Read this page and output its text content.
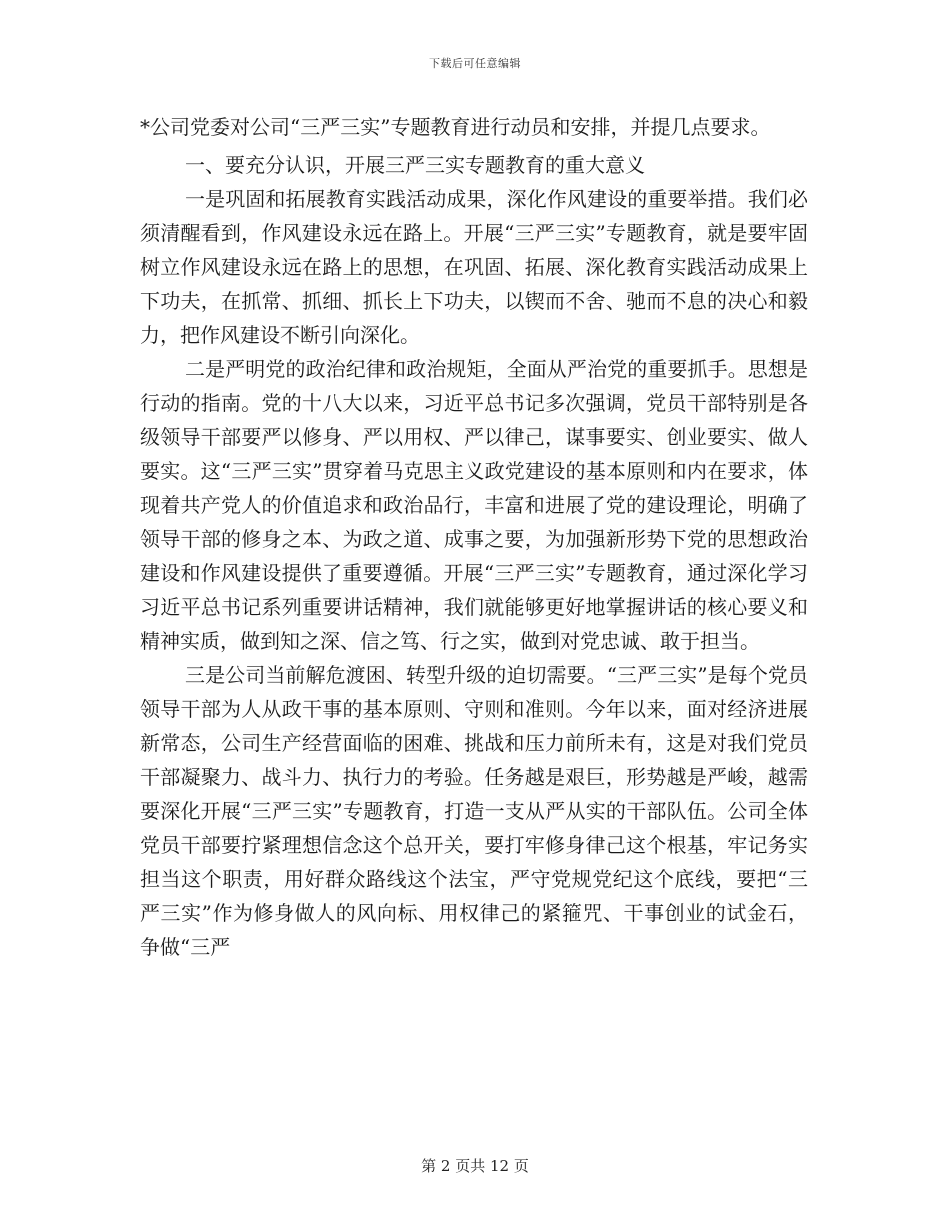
下载后可任意编辑

*公司党委对公司“三严三实”专题教育进行动员和安排，并提几点要求。

一、要充分认识，开展三严三实专题教育的重大意义

一是巩固和拓展教育实践活动成果，深化作风建设的重要举措。我们必须清醒看到，作风建设永远在路上。开展“三严三实”专题教育，就是要牢固树立作风建设永远在路上的思想，在巩固、拓展、深化教育实践活动成果上下功夫，在抓常、抓细、抓长上下功夫，以锲而不舍、驰而不息的决心和毅力，把作风建设不断引向深化。

二是严明党的政治纪律和政治规矩，全面从严治党的重要抓手。思想是行动的指南。党的十八大以来，习近平总书记多次强调，党员干部特别是各级领导干部要严以修身、严以用权、严以律己，谋事要实、创业要实、做人要实。这“三严三实”贯穿着马克思主义政党建设的基本原则和内在要求，体现着共产党人的价值追求和政治品行，丰富和进展了党的建设理论，明确了领导干部的修身之本、为政之道、成事之要，为加强新形势下党的思想政治建设和作风建设提供了重要遵循。开展“三严三实”专题教育，通过深化学习习近平总书记系列重要讲话精神，我们就能够更好地掌握讲话的核心要义和精神实质，做到知之深、信之笃、行之实，做到对党忠诚、敢于担当。

三是公司当前解危渡困、转型升级的迫切需要。“三严三实”是每个党员领导干部为人从政干事的基本原则、守则和准则。今年以来，面对经济进展新常态，公司生产经营面临的困难、挑战和压力前所未有，这是对我们党员干部凝聚力、战斗力、执行力的考验。任务越是艰巨，形势越是严峻，越需要深化开展“三严三实”专题教育，打造一支从严从实的干部队伍。公司全体党员干部要拧紧理想信念这个总开关，要打牢修身律己这个根基，牢记务实担当这个职责，用好群众路线这个法宝，严守党规党纪这个底线，要把“三严三实”作为修身做人的风向标、用权律己的紧箍咒、干事创业的试金石，争做“三严

第 2 页共 12 页
